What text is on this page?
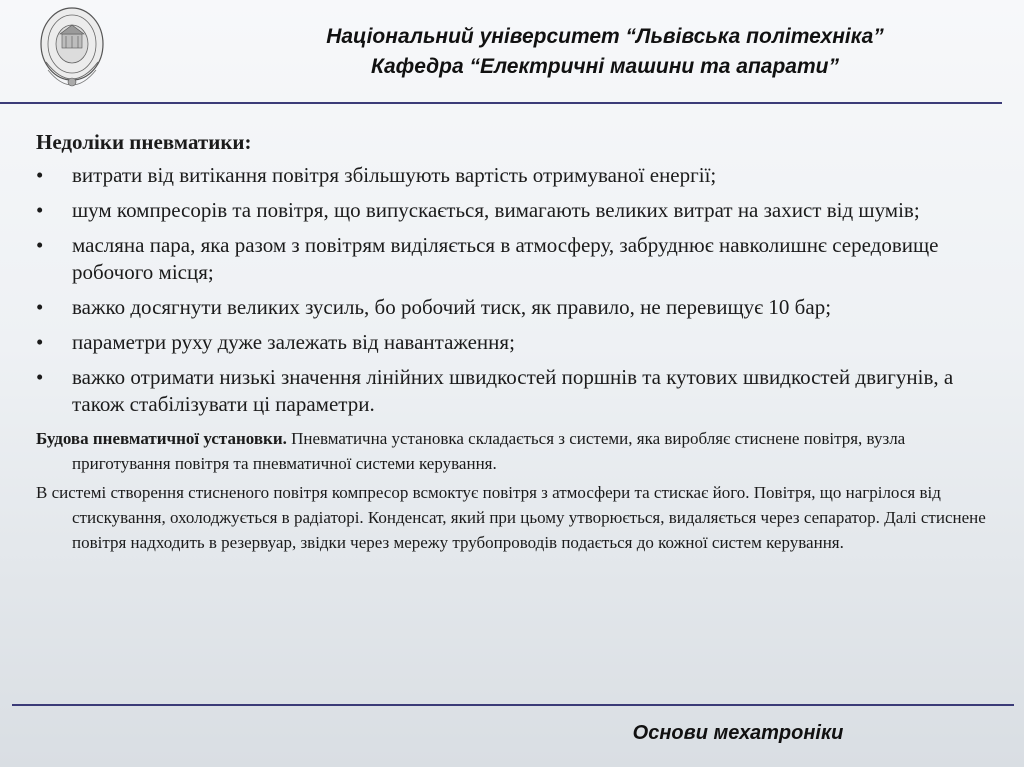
Національний університет “Львівська політехніка”
Кафедра “Електричні машини та апарати”
Недоліки пневматики:
• витрати від витікання повітря збільшують вартість отримуваної енергії;
• шум компресорів та повітря, що випускається, вимагають великих витрат на захист від шумів;
• масляна пара, яка разом з повітрям виділяється в атмосферу, забруднює навколишнє середовище робочого місця;
• важко досягнути великих зусиль, бо робочий тиск, як правило, не перевищує 10 бар;
• параметри руху дуже залежать від навантаження;
• важко отримати низькі значення лінійних швидкостей поршнів та кутових швидкостей двигунів, а також стабілізувати ці параметри.
Будова пневматичної установки. Пневматична установка складається з системи, яка виробляє стиснене повітря, вузла приготування повітря та пневматичної системи керування.
В системі створення стисненого повітря компресор всмоктує повітря з атмосфери та стискає його. Повітря, що нагрілося від стискування, охолоджується в радіаторі. Конденсат, який при цьому утворюється, видаляється через сепаратор. Далі стиснене повітря надходить в резервуар, звідки через мережу трубопроводів подається до кожної систем керування.
Основи мехатроніки
